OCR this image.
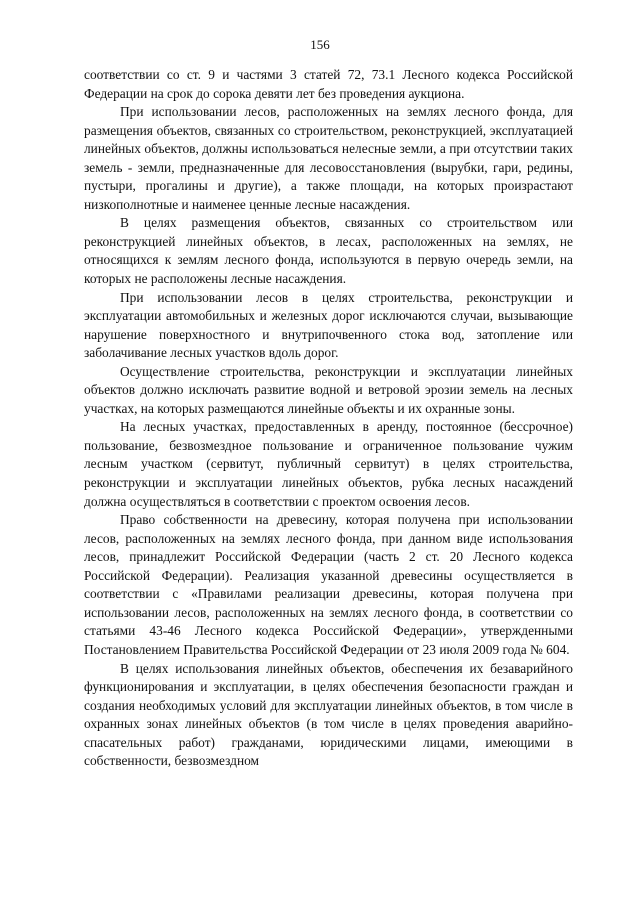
156

соответствии со ст. 9 и частями 3 статей 72, 73.1 Лесного кодекса Российской Федерации на срок до сорока девяти лет без проведения аукциона.

При использовании лесов, расположенных на землях лесного фонда, для размещения объектов, связанных со строительством, реконструкцией, эксплуатацией линейных объектов, должны использоваться нелесные земли, а при отсутствии таких земель - земли, предназначенные для лесовосстановления (вырубки, гари, редины, пустыри, прогалины и другие), а также площади, на которых произрастают низкополнотные и наименее ценные лесные насаждения.

В целях размещения объектов, связанных со строительством или реконструкцией линейных объектов, в лесах, расположенных на землях, не относящихся к землям лесного фонда, используются в первую очередь земли, на которых не расположены лесные насаждения.

При использовании лесов в целях строительства, реконструкции и эксплуатации автомобильных и железных дорог исключаются случаи, вызывающие нарушение поверхностного и внутрипочвенного стока вод, затопление или заболачивание лесных участков вдоль дорог.

Осуществление строительства, реконструкции и эксплуатации линейных объектов должно исключать развитие водной и ветровой эрозии земель на лесных участках, на которых размещаются линейные объекты и их охранные зоны.

На лесных участках, предоставленных в аренду, постоянное (бессрочное) пользование, безвозмездное пользование и ограниченное пользование чужим лесным участком (сервитут, публичный сервитут) в целях строительства, реконструкции и эксплуатации линейных объектов, рубка лесных насаждений должна осуществляться в соответствии с проектом освоения лесов.

Право собственности на древесину, которая получена при использовании лесов, расположенных на землях лесного фонда, при данном виде использования лесов, принадлежит Российской Федерации (часть 2 ст. 20 Лесного кодекса Российской Федерации). Реализация указанной древесины осуществляется в соответствии с «Правилами реализации древесины, которая получена при использовании лесов, расположенных на землях лесного фонда, в соответствии со статьями 43-46 Лесного кодекса Российской Федерации», утвержденными Постановлением Правительства Российской Федерации от 23 июля 2009 года № 604.

В целях использования линейных объектов, обеспечения их безаварийного функционирования и эксплуатации, в целях обеспечения безопасности граждан и создания необходимых условий для эксплуатации линейных объектов, в том числе в охранных зонах линейных объектов (в том числе в целях проведения аварийно-спасательных работ) гражданами, юридическими лицами, имеющими в собственности, безвозмездном
